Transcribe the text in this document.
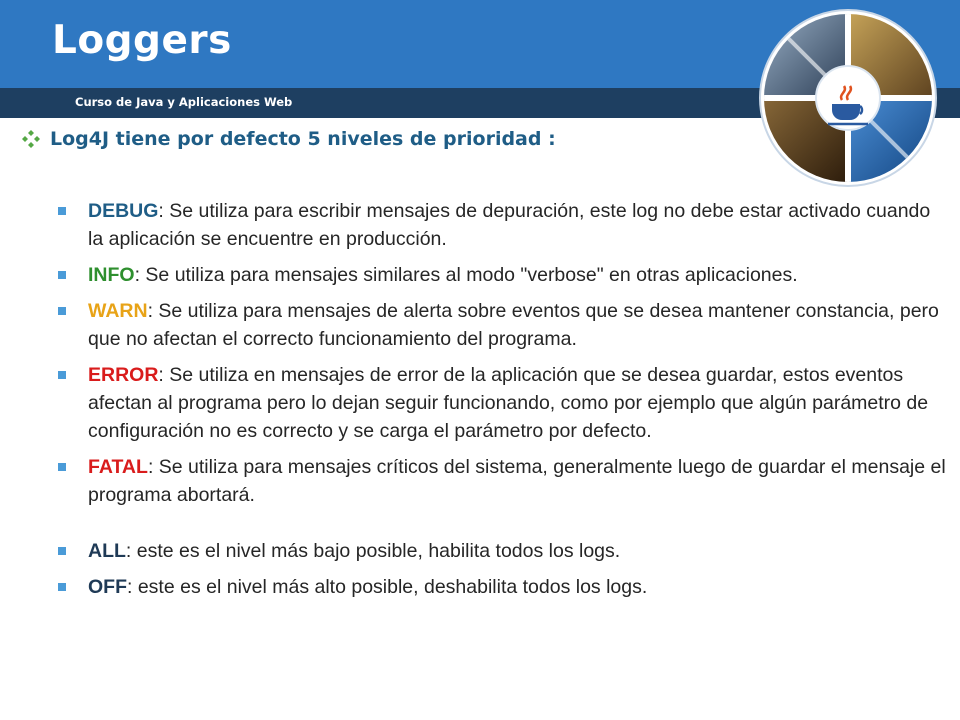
Loggers
Curso de Java y Aplicaciones Web
Log4J tiene por defecto 5 niveles de prioridad :
DEBUG: Se utiliza para escribir mensajes de depuración, este log no debe estar activado cuando la aplicación se encuentre en producción.
INFO: Se utiliza para mensajes similares al modo "verbose" en otras aplicaciones.
WARN: Se utiliza para mensajes de alerta sobre eventos que se desea mantener constancia, pero que no afectan el correcto funcionamiento del programa.
ERROR: Se utiliza en mensajes de error de la aplicación que se desea guardar, estos eventos afectan al programa pero lo dejan seguir funcionando, como por ejemplo que algún parámetro de configuración no es correcto y se carga el parámetro por defecto.
FATAL: Se utiliza para mensajes críticos del sistema, generalmente luego de guardar el mensaje el programa abortará.
ALL: este es el nivel más bajo posible, habilita todos los logs.
OFF: este es el nivel más alto posible, deshabilita todos los logs.
